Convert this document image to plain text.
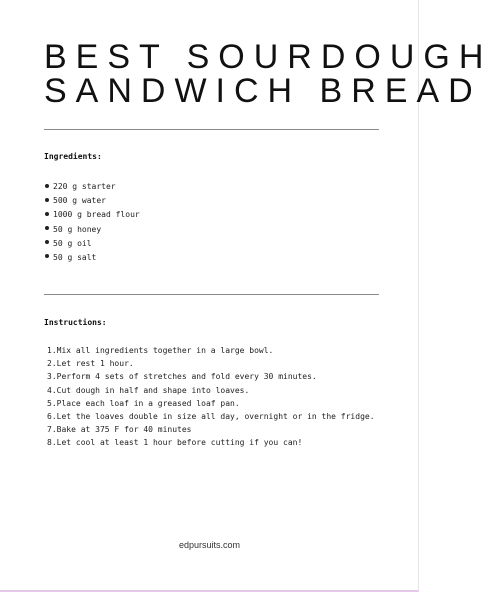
BEST SOURDOUGH
SANDWICH BREAD
Ingredients:
220 g starter
500 g water
1000 g bread flour
50 g honey
50 g oil
50 g salt
Instructions:
1.Mix all ingredients together in a large bowl.
2.Let rest 1 hour.
3.Perform 4 sets of stretches and fold every 30 minutes.
4.Cut dough in half and shape into loaves.
5.Place each loaf in a greased loaf pan.
6.Let the loaves double in size all day, overnight or in the fridge.
7.Bake at 375 F for 40 minutes
8.Let cool at least 1 hour before cutting if you can!
edpursuits.com
